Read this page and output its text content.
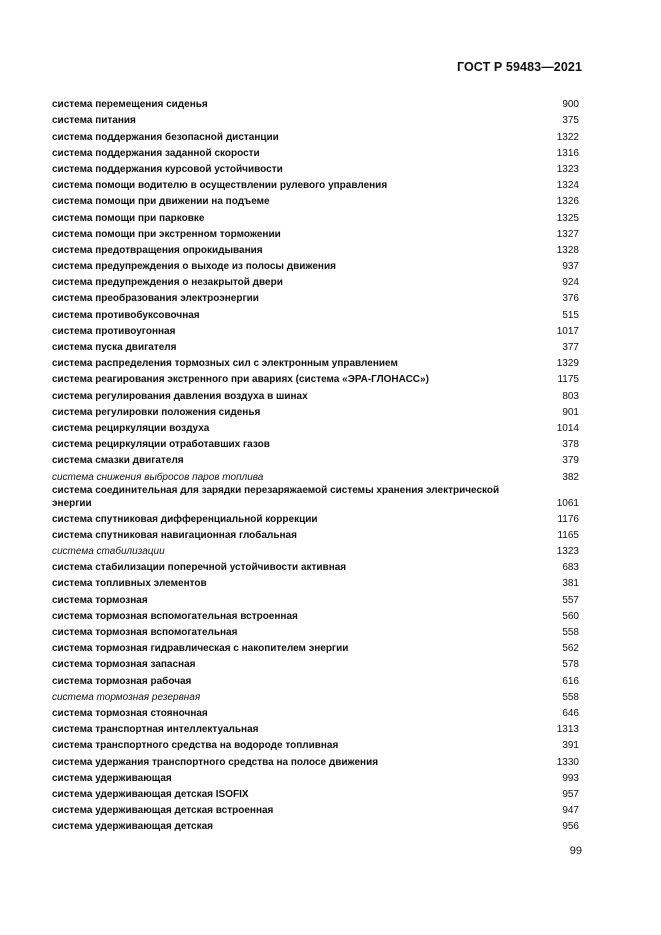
ГОСТ Р 59483—2021
система перемещения сиденья	900
система питания	375
система поддержания безопасной дистанции	1322
система поддержания заданной скорости	1316
система поддержания курсовой устойчивости	1323
система помощи водителю в осуществлении рулевого управления	1324
система помощи при движении на подъеме	1326
система помощи при парковке	1325
система помощи при экстренном торможении	1327
система предотвращения опрокидывания	1328
система предупреждения о выходе из полосы движения	937
система предупреждения о незакрытой двери	924
система преобразования электроэнергии	376
система противобуксовочная	515
система противоугонная	1017
система пуска двигателя	377
система распределения тормозных сил с электронным управлением	1329
система реагирования экстренного при авариях (система «ЭРА-ГЛОНАСС»)	1175
система регулирования давления воздуха в шинах	803
система регулировки положения сиденья	901
система рециркуляции воздуха	1014
система рециркуляции отработавших газов	378
система смазки двигателя	379
система снижения выбросов паров топлива	382
система соединительная для зарядки перезаряжаемой системы хранения электрической энергии	1061
система спутниковая дифференциальной коррекции	1176
система спутниковая навигационная глобальная	1165
система стабилизации	1323
система стабилизации поперечной устойчивости активная	683
система топливных элементов	381
система тормозная	557
система тормозная вспомогательная встроенная	560
система тормозная вспомогательная	558
система тормозная гидравлическая с накопителем энергии	562
система тормозная запасная	578
система тормозная рабочая	616
система тормозная резервная	558
система тормозная стояночная	646
система транспортная интеллектуальная	1313
система транспортного средства на водороде топливная	391
система удержания транспортного средства на полосе движения	1330
система удерживающая	993
система удерживающая детская ISOFIX	957
система удерживающая детская встроенная	947
система удерживающая детская	956
99
